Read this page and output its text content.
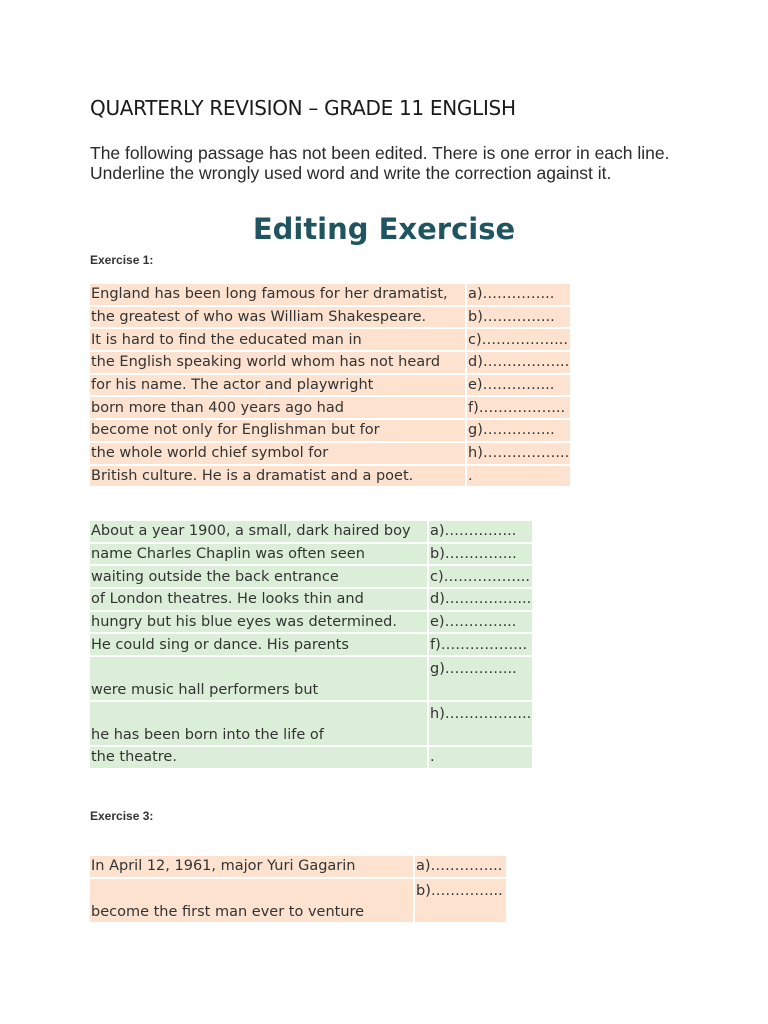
QUARTERLY REVISION – GRADE 11 ENGLISH
The following passage has not been edited. There is one error in each line. Underline the wrongly used word and write the correction against it.
Editing Exercise
Exercise 1:
England has been long famous for her dramatist,	a)…………...
the greatest of who was William Shakespeare.	b)…………...
It is hard to find the educated man in	c)……………...
the English speaking world whom has not heard	d)……………...
for his name. The actor and playwright	e)…………...
born more than 400 years ago had	f)……………...
become not only for Englishman but for	g)…………...
the whole world chief symbol for	h)……………...
British culture. He is a dramatist and a poet.	.
About a year 1900, a small, dark haired boy	a)…………...
name Charles Chaplin was often seen	b)…………...
waiting outside the back entrance	c)……………...
of London theatres. He looks thin and	d)……………...
hungry but his blue eyes was determined.	e)…………...
He could sing or dance. His parents	f)……………...
were music hall performers but	g)…………...
he has been born into the life of	h)……………...
the theatre.	.
Exercise 3:
In April 12, 1961, major Yuri Gagarin	a)…………...
become the first man ever to venture	b)…………...
